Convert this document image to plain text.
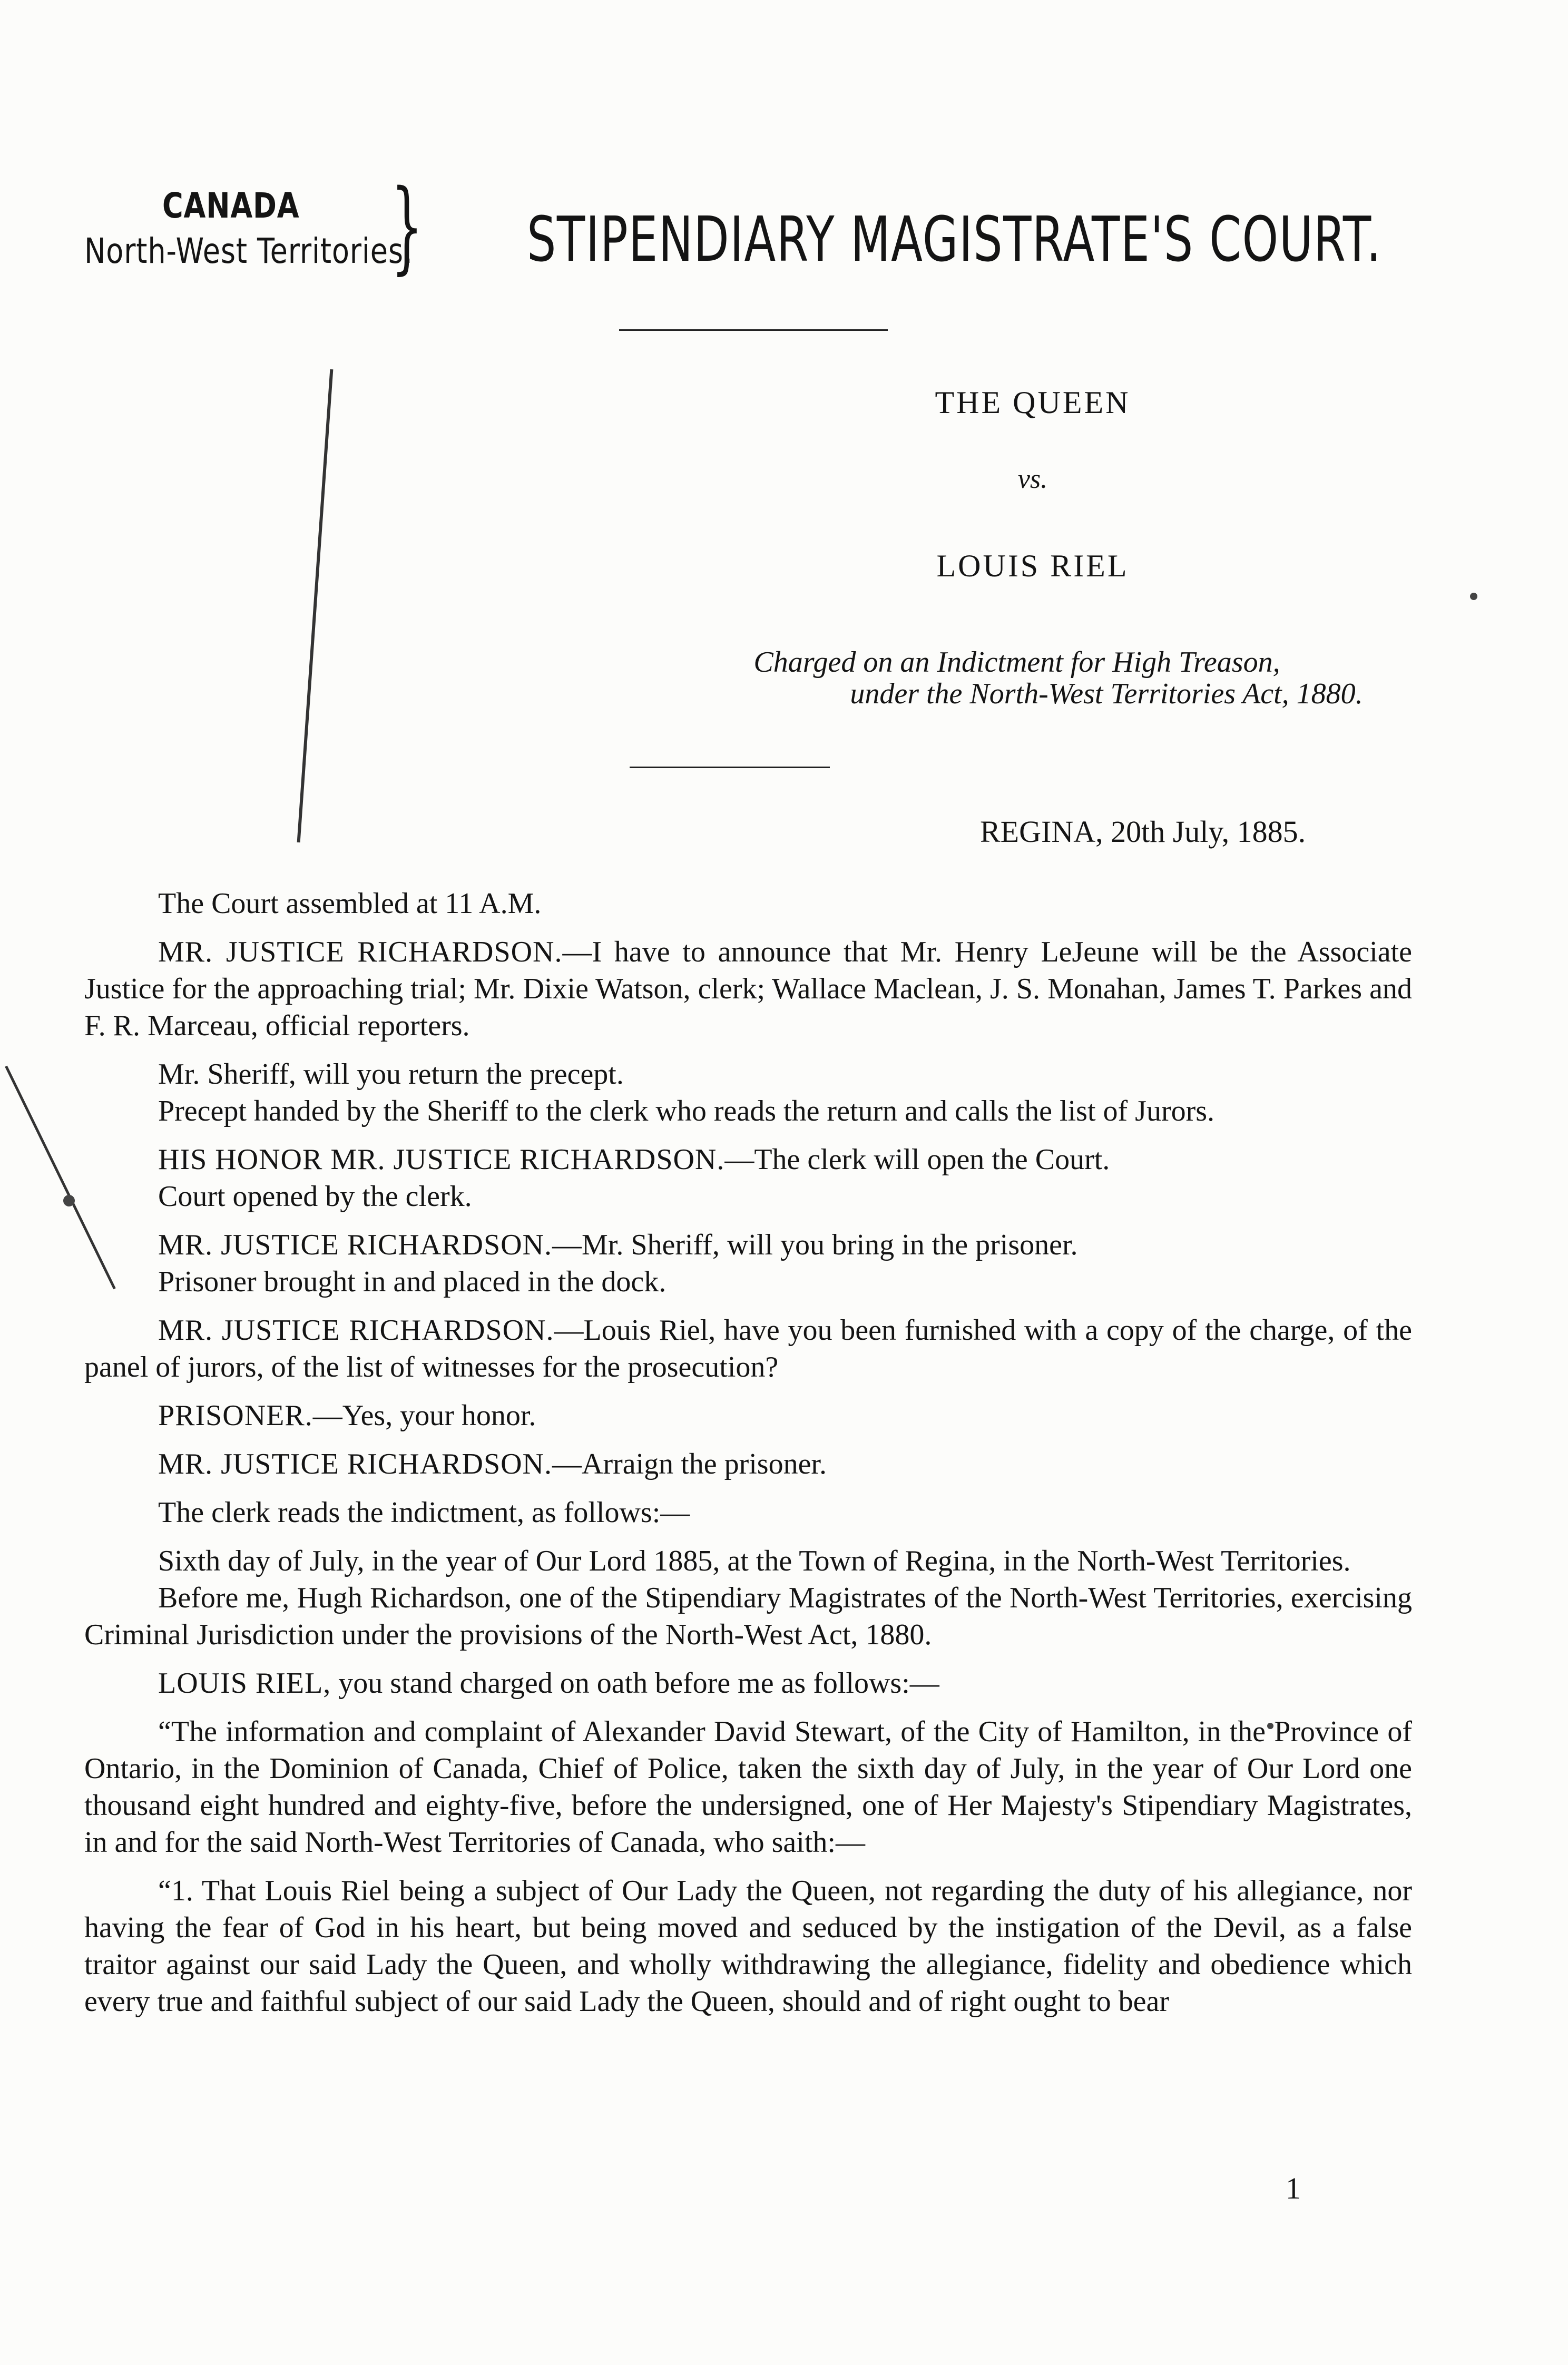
CANADA
North-West Territories.
} STIPENDIARY MAGISTRATE'S COURT.
THE QUEEN
vs.
LOUIS RIEL
Charged on an Indictment for High Treason,
under the North-West Territories Act, 1880.
REGINA, 20th July, 1885.

The Court assembled at 11 A.M.

MR. JUSTICE RICHARDSON.—I have to announce that Mr. Henry LeJeune will be the Associate Justice for the approaching trial; Mr. Dixie Watson, clerk; Wallace Maclean, J. S. Monahan, James T. Parkes and F. R. Marceau, official reporters.

Mr. Sheriff, will you return the precept.

Precept handed by the Sheriff to the clerk who reads the return and calls the list of Jurors.

HIS HONOR MR. JUSTICE RICHARDSON.—The clerk will open the Court.

Court opened by the clerk.

MR. JUSTICE RICHARDSON.—Mr. Sheriff, will you bring in the prisoner.

Prisoner brought in and placed in the dock.

MR. JUSTICE RICHARDSON.—Louis Riel, have you been furnished with a copy of the charge, of the panel of jurors, of the list of witnesses for the prosecution?

PRISONER.—Yes, your honor.

MR. JUSTICE RICHARDSON.—Arraign the prisoner.

The clerk reads the indictment, as follows:—

Sixth day of July, in the year of Our Lord 1885, at the Town of Regina, in the North-West Territories.

Before me, Hugh Richardson, one of the Stipendiary Magistrates of the North-West Territories, exercising Criminal Jurisdiction under the provisions of the North-West Act, 1880.

LOUIS RIEL, you stand charged on oath before me as follows:—

“The information and complaint of Alexander David Stewart, of the City of Hamilton, in the Province of Ontario, in the Dominion of Canada, Chief of Police, taken the sixth day of July, in the year of Our Lord one thousand eight hundred and eighty-five, before the undersigned, one of Her Majesty's Stipendiary Magistrates, in and for the said North-West Territories of Canada, who saith:—

“1. That Louis Riel being a subject of Our Lady the Queen, not regarding the duty of his allegiance, nor having the fear of God in his heart, but being moved and seduced by the instigation of the Devil, as a false traitor against our said Lady the Queen, and wholly withdrawing the allegiance, fidelity and obedience which every true and faithful subject of our said Lady the Queen, should and of right ought to bear

1
